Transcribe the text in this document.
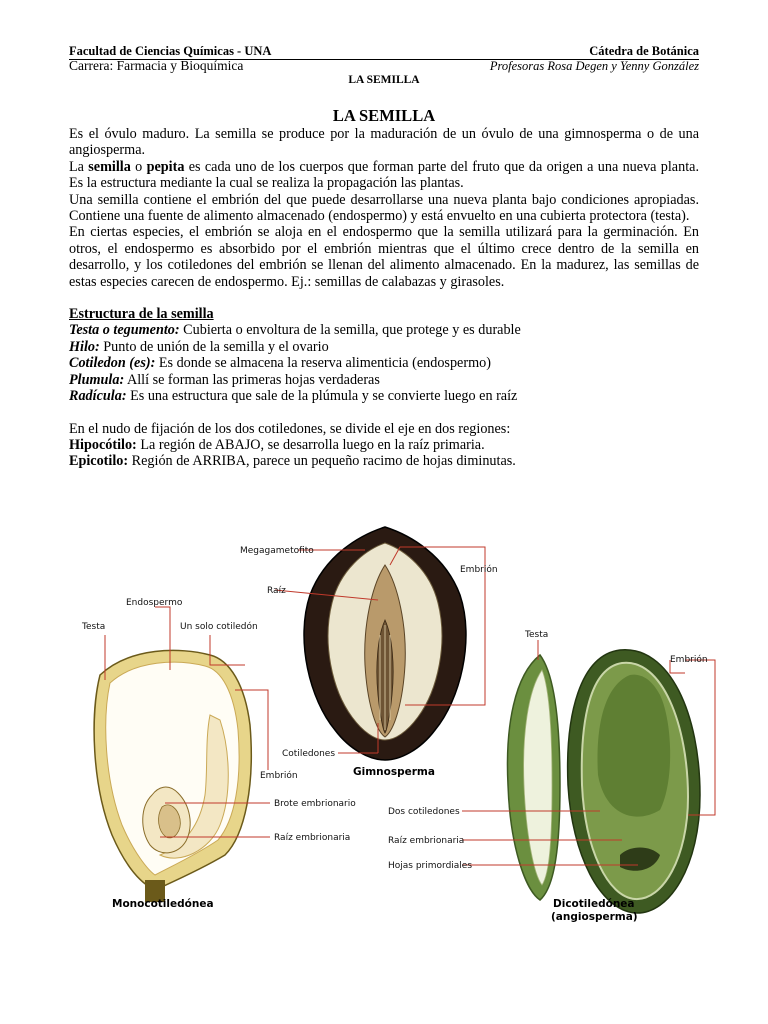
Facultad de Ciencias Químicas - UNA	Cátedra de Botánica
Carrera: Farmacia y Bioquímica	Profesoras Rosa Degen y Yenny González
LA SEMILLA
LA SEMILLA

Es el óvulo maduro. La semilla se produce por la maduración de un óvulo de una gimnosperma o de una angiosperma.

La semilla o pepita es cada uno de los cuerpos que forman parte del fruto que da origen a una nueva planta. Es la estructura mediante la cual se realiza la propagación las plantas.

Una semilla contiene el embrión del que puede desarrollarse una nueva planta bajo condiciones apropiadas. Contiene una fuente de alimento almacenado (endospermo) y está envuelto en una cubierta protectora (testa).

En ciertas especies, el embrión se aloja en el endospermo que la semilla utilizará para la germinación. En otros, el endospermo es absorbido por el embrión mientras que el último crece dentro de la semilla en desarrollo, y los cotiledones del embrión se llenan del alimento almacenado. En la madurez, las semillas de estas especies carecen de endospermo. Ej.: semillas de calabazas y girasoles.

Estructura de la semilla

Testa o tegumento: Cubierta o envoltura de la semilla, que protege y es durable

Hilo: Punto de unión de la semilla y el ovario

Cotiledon (es): Es donde se almacena la reserva alimenticia (endospermo)

Plumula: Allí se forman las primeras hojas verdaderas

Radícula: Es una estructura que sale de la plúmula y se convierte luego en raíz

En el nudo de fijación de los dos cotiledones, se divide el eje en dos regiones:

Hipocótilo: La región de ABAJO, se desarrolla luego en la raíz primaria.

Epicotilo: Región de ARRIBA, parece un pequeño racimo de hojas diminutas.

Megagametofito
Raíz
Embrión
Cotiledones
Gimnosperma
Testa
Endospermo
Un solo cotiledón
Embrión
Brote embrionario
Raíz embrionaria
Monocotiledónea
Testa
Embrión
Dos cotiledones
Raíz embrionaria
Hojas primordiales
Dicotiledónea
(angiosperma)
